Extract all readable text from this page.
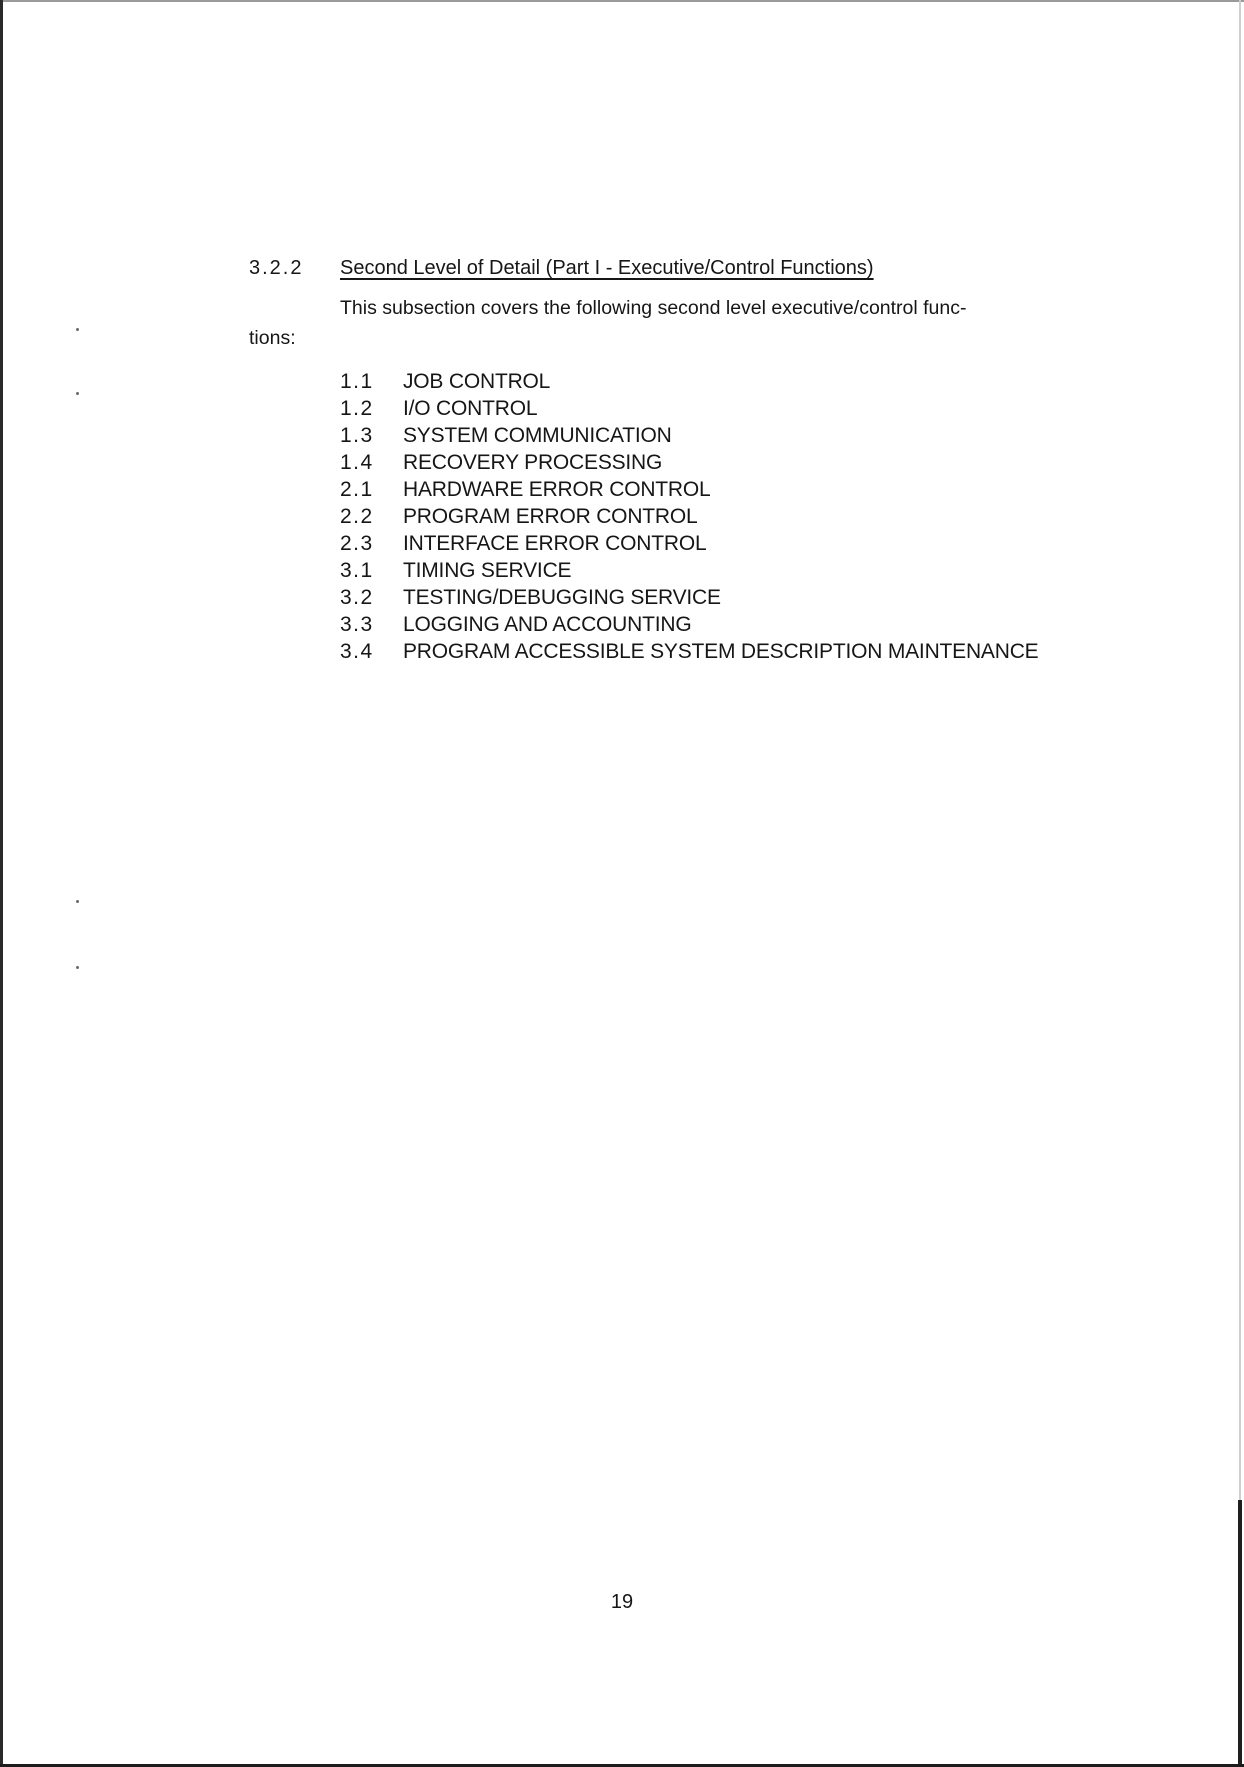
3.2.2 Second Level of Detail (Part I - Executive/Control Functions)
This subsection covers the following second level executive/control func-
tions:
1.1	JOB CONTROL
1.2	I/O CONTROL
1.3	SYSTEM COMMUNICATION
1.4	RECOVERY PROCESSING
2.1	HARDWARE ERROR CONTROL
2.2	PROGRAM ERROR CONTROL
2.3	INTERFACE ERROR CONTROL
3.1	TIMING SERVICE
3.2	TESTING/DEBUGGING SERVICE
3.3	LOGGING AND ACCOUNTING
3.4	PROGRAM ACCESSIBLE SYSTEM DESCRIPTION MAINTENANCE
19
